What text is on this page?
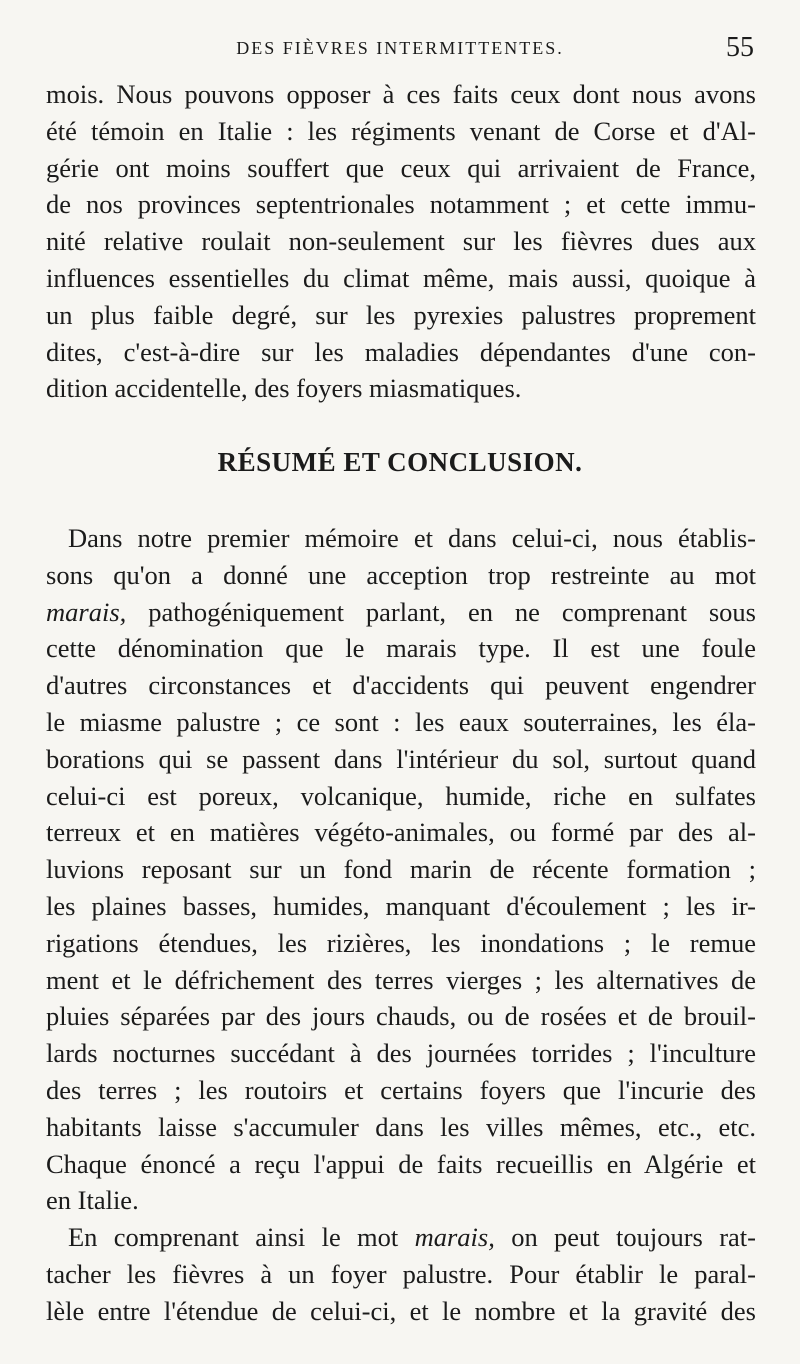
DES FIÈVRES INTERMITTENTES.	55
mois. Nous pouvons opposer à ces faits ceux dont nous avons
été témoin en Italie : les régiments venant de Corse et d'Al-
gérie ont moins souffert que ceux qui arrivaient de France,
de nos provinces septentrionales notamment ; et cette immu-
nité relative roulait non-seulement sur les fièvres dues aux
influences essentielles du climat même, mais aussi, quoique à
un plus faible degré, sur les pyrexies palustres proprement
dites, c'est-à-dire sur les maladies dépendantes d'une con-
dition accidentelle, des foyers miasmatiques.
RÉSUMÉ ET CONCLUSION.
Dans notre premier mémoire et dans celui-ci, nous établis-
sons qu'on a donné une acception trop restreinte au mot
marais, pathogéniquement parlant, en ne comprenant sous
cette dénomination que le marais type. Il est une foule
d'autres circonstances et d'accidents qui peuvent engendrer
le miasme palustre ; ce sont : les eaux souterraines, les éla-
borations qui se passent dans l'intérieur du sol, surtout quand
celui-ci est poreux, volcanique, humide, riche en sulfates
terreux et en matières végéto-animales, ou formé par des al-
luvions reposant sur un fond marin de récente formation ;
les plaines basses, humides, manquant d'écoulement ; les ir-
rigations étendues, les rizières, les inondations ; le remue
ment et le défrichement des terres vierges ; les alternatives de
pluies séparées par des jours chauds, ou de rosées et de brouil-
lards nocturnes succédant à des journées torrides ; l'inculture
des terres ; les routoirs et certains foyers que l'incurie des
habitants laisse s'accumuler dans les villes mêmes, etc., etc.
Chaque énoncé a reçu l'appui de faits recueillis en Algérie et
en Italie.
En comprenant ainsi le mot marais, on peut toujours rat-
tacher les fièvres à un foyer palustre. Pour établir le paral-
lèle entre l'étendue de celui-ci, et le nombre et la gravité des
